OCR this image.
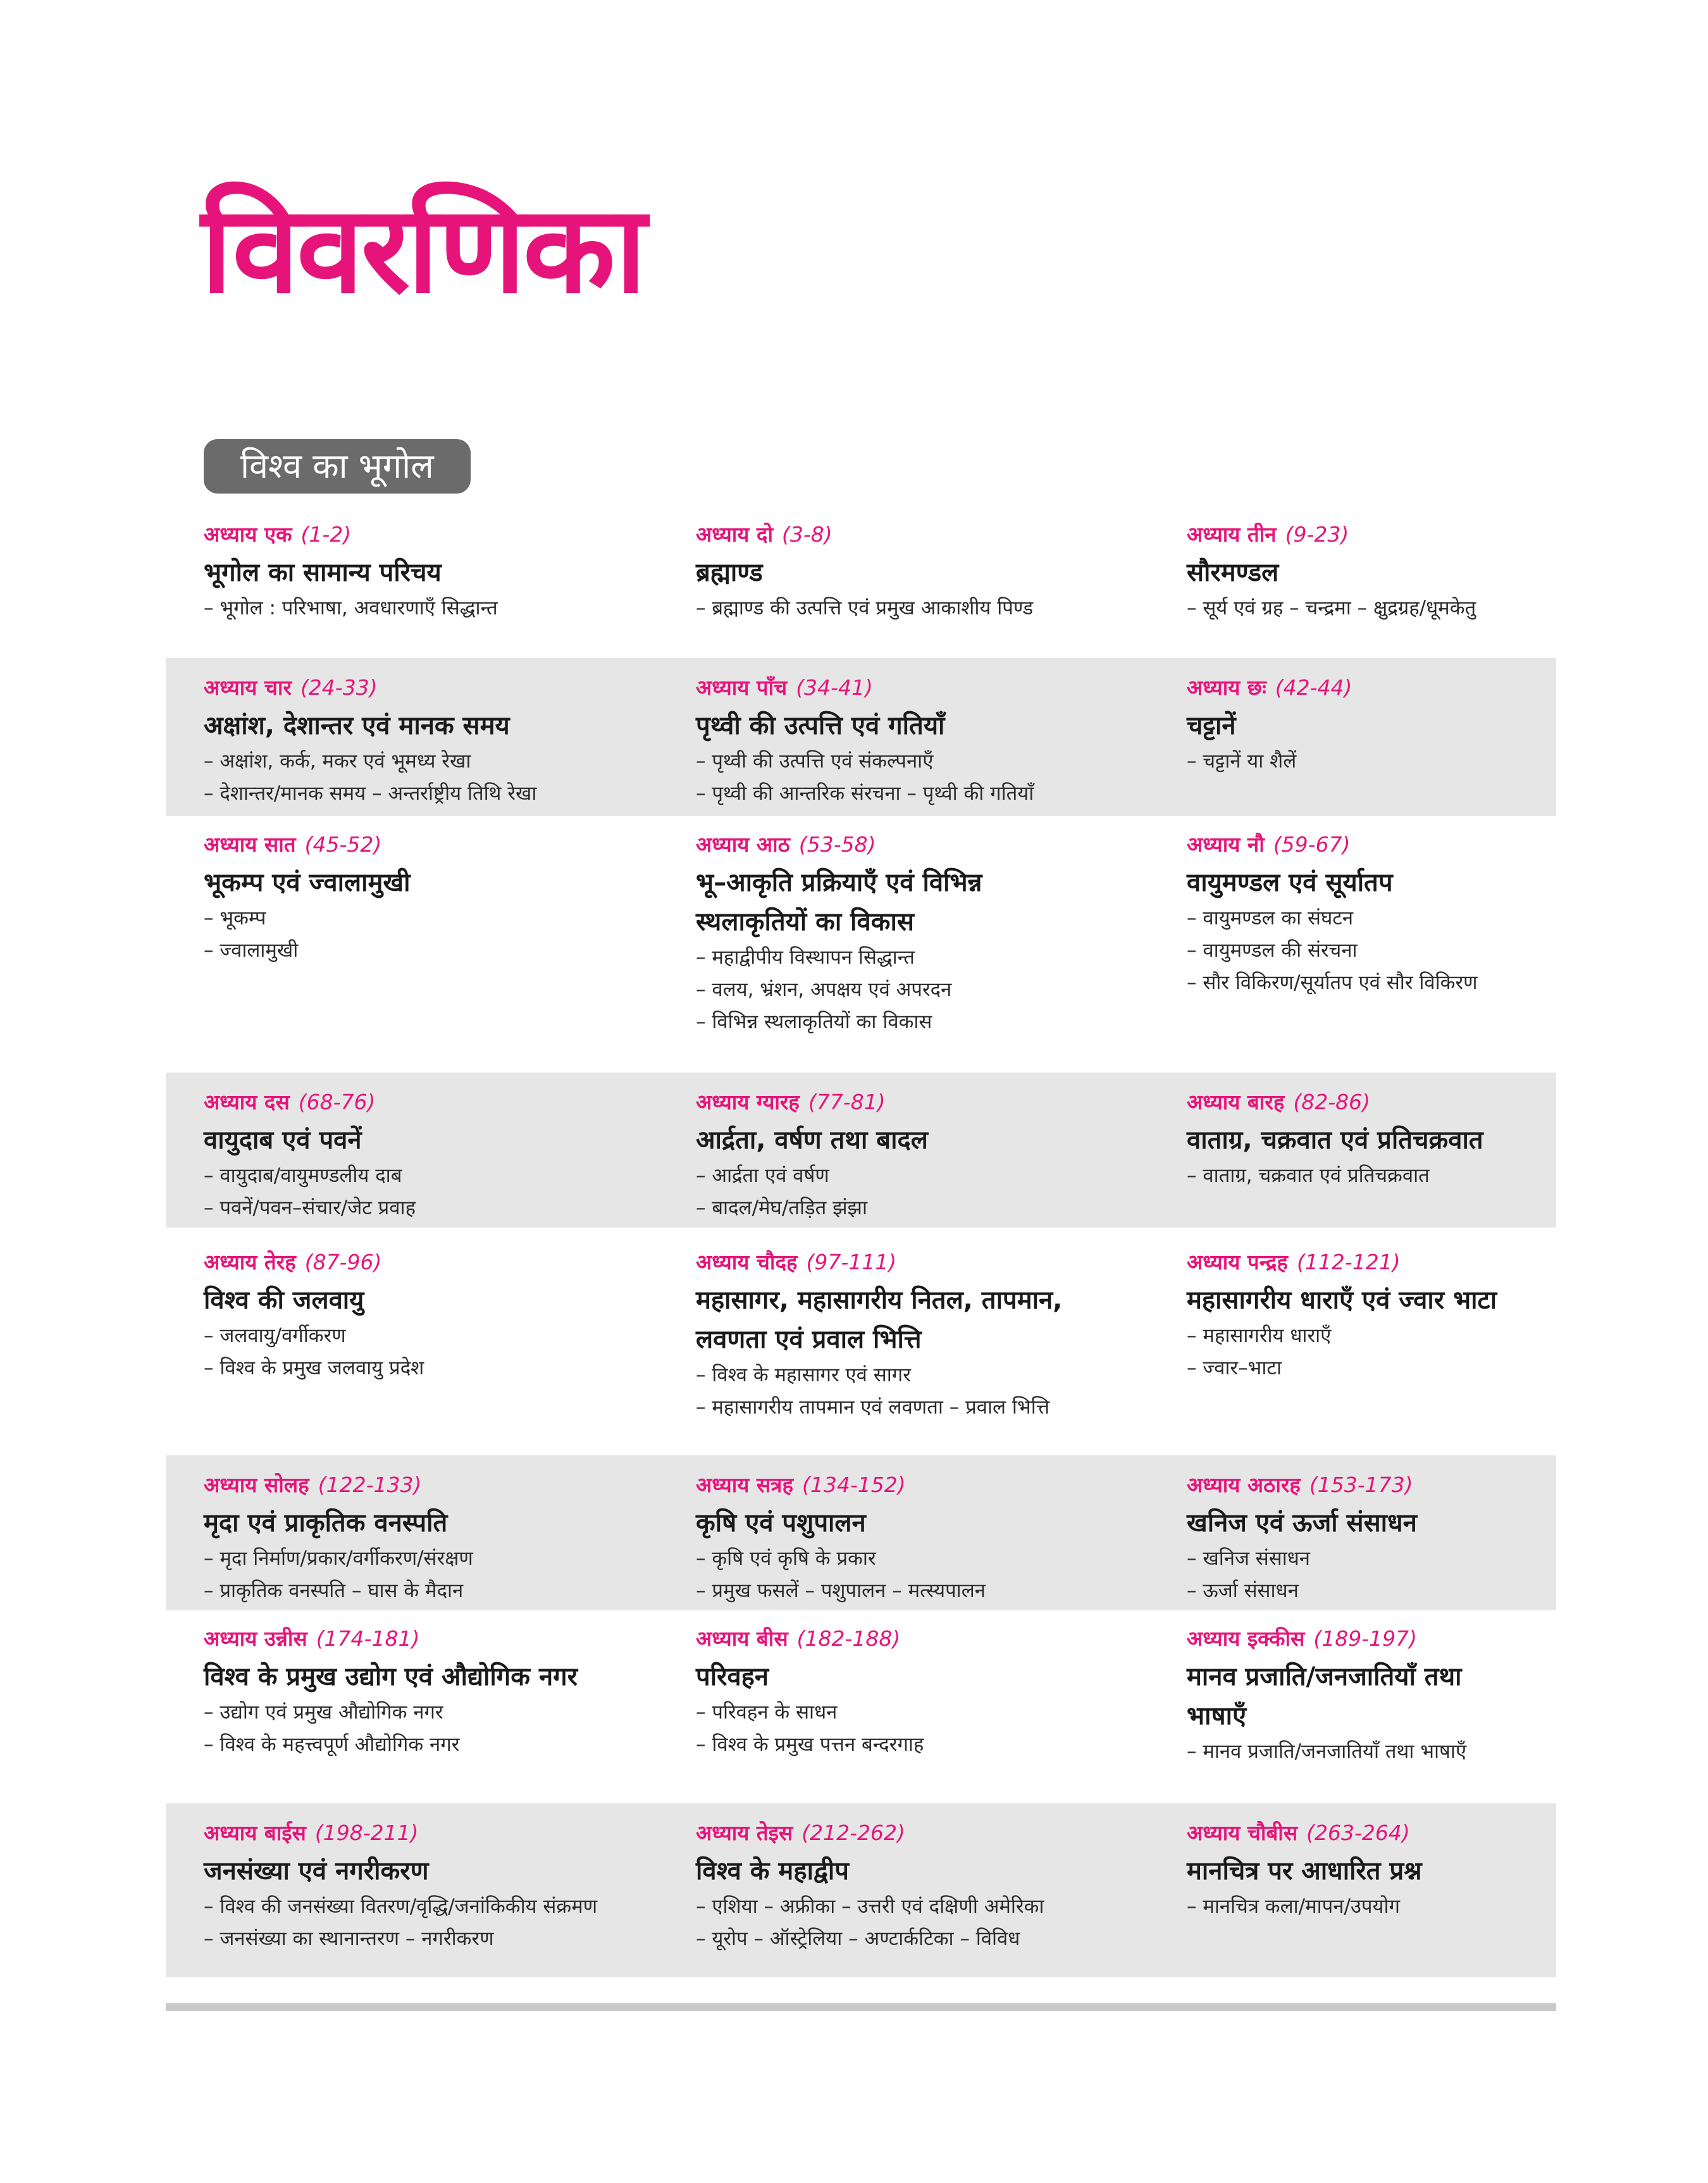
विवरणिका
विश्व का भूगोल
अध्याय एक (1-2)
भूगोल का सामान्य परिचय
– भूगोल : परिभाषा, अवधारणाएँ सिद्धान्त
अध्याय दो (3-8)
ब्रह्माण्ड
– ब्रह्माण्ड की उत्पत्ति एवं प्रमुख आकाशीय पिण्ड
अध्याय तीन (9-23)
सौरमण्डल
– सूर्य एवं ग्रह – चन्द्रमा – क्षुद्रग्रह/धूमकेतु
अध्याय चार (24-33)
अक्षांश, देशान्तर एवं मानक समय
– अक्षांश, कर्क, मकर एवं भूमध्य रेखा
– देशान्तर/मानक समय – अन्तर्राष्ट्रीय तिथि रेखा
अध्याय पाँच (34-41)
पृथ्वी की उत्पत्ति एवं गतियाँ
– पृथ्वी की उत्पत्ति एवं संकल्पनाएँ
– पृथ्वी की आन्तरिक संरचना – पृथ्वी की गतियाँ
अध्याय छः (42-44)
चट्टानें
– चट्टानें या शैलें
अध्याय सात (45-52)
भूकम्प एवं ज्वालामुखी
– भूकम्प
– ज्वालामुखी
अध्याय आठ (53-58)
भू–आकृति प्रक्रियाएँ एवं विभिन्न
स्थलाकृतियों का विकास
– महाद्वीपीय विस्थापन सिद्धान्त
– वलय, भ्रंशन, अपक्षय एवं अपरदन
– विभिन्न स्थलाकृतियों का विकास
अध्याय नौ (59-67)
वायुमण्डल एवं सूर्यातप
– वायुमण्डल का संघटन
– वायुमण्डल की संरचना
– सौर विकिरण/सूर्यातप एवं सौर विकिरण
अध्याय दस (68-76)
वायुदाब एवं पवनें
– वायुदाब/वायुमण्डलीय दाब
– पवनें/पवन–संचार/जेट प्रवाह
अध्याय ग्यारह (77-81)
आर्द्रता, वर्षण तथा बादल
– आर्द्रता एवं वर्षण
– बादल/मेघ/तड़ित झंझा
अध्याय बारह (82-86)
वाताग्र, चक्रवात एवं प्रतिचक्रवात
– वाताग्र, चक्रवात एवं प्रतिचक्रवात
अध्याय तेरह (87-96)
विश्व की जलवायु
– जलवायु/वर्गीकरण
– विश्व के प्रमुख जलवायु प्रदेश
अध्याय चौदह (97-111)
महासागर, महासागरीय नितल, तापमान,
लवणता एवं प्रवाल भित्ति
– विश्व के महासागर एवं सागर
– महासागरीय तापमान एवं लवणता – प्रवाल भित्ति
अध्याय पन्द्रह (112-121)
महासागरीय धाराएँ एवं ज्वार भाटा
– महासागरीय धाराएँ
– ज्वार–भाटा
अध्याय सोलह (122-133)
मृदा एवं प्राकृतिक वनस्पति
– मृदा निर्माण/प्रकार/वर्गीकरण/संरक्षण
– प्राकृतिक वनस्पति – घास के मैदान
अध्याय सत्रह (134-152)
कृषि एवं पशुपालन
– कृषि एवं कृषि के प्रकार
– प्रमुख फसलें – पशुपालन – मत्स्यपालन
अध्याय अठारह (153-173)
खनिज एवं ऊर्जा संसाधन
– खनिज संसाधन
– ऊर्जा संसाधन
अध्याय उन्नीस (174-181)
विश्व के प्रमुख उद्योग एवं औद्योगिक नगर
– उद्योग एवं प्रमुख औद्योगिक नगर
– विश्व के महत्त्वपूर्ण औद्योगिक नगर
अध्याय बीस (182-188)
परिवहन
– परिवहन के साधन
– विश्व के प्रमुख पत्तन बन्दरगाह
अध्याय इक्कीस (189-197)
मानव प्रजाति/जनजातियाँ तथा
भाषाएँ
– मानव प्रजाति/जनजातियाँ तथा भाषाएँ
अध्याय बाईस (198-211)
जनसंख्या एवं नगरीकरण
– विश्व की जनसंख्या वितरण/वृद्धि/जनांकिकीय संक्रमण
– जनसंख्या का स्थानान्तरण – नगरीकरण
अध्याय तेइस (212-262)
विश्व के महाद्वीप
– एशिया – अफ्रीका – उत्तरी एवं दक्षिणी अमेरिका
– यूरोप – ऑस्ट्रेलिया – अण्टार्कटिका – विविध
अध्याय चौबीस (263-264)
मानचित्र पर आधारित प्रश्न
– मानचित्र कला/मापन/उपयोग
